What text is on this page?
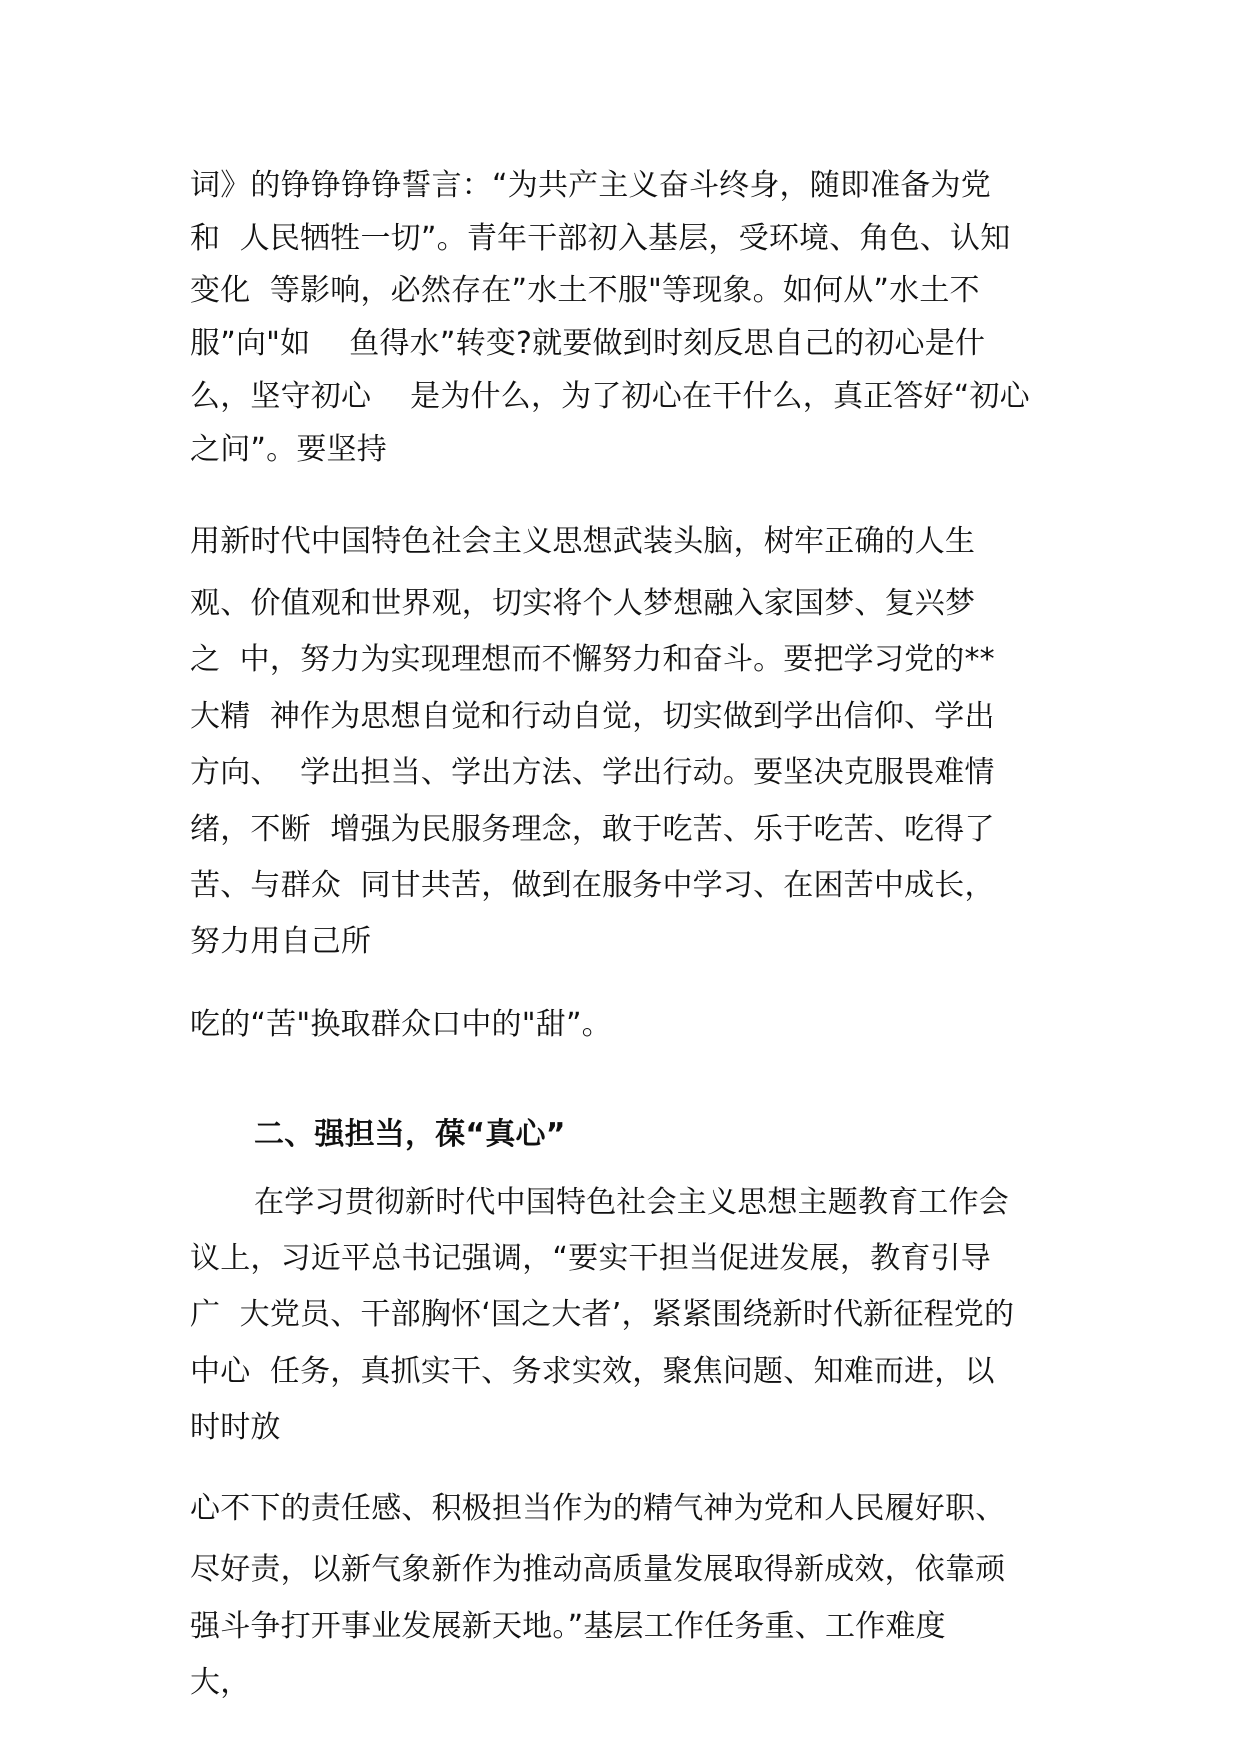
词》的铮铮铮铮誓言：“为共产主义奋斗终身，随即准备为党

和  人民牺牲一切”。青年干部初入基层，受环境、角色、认知

变化  等影响，必然存在”水土不服"等现象。如何从”水土不

服”向"如    鱼得水”转变?就要做到时刻反思自己的初心是什

么，坚守初心    是为什么，为了初心在干什么，真正答好“初心

之问”。要坚持

用新时代中国特色社会主义思想武装头脑，树牢正确的人生

观、价值观和世界观，切实将个人梦想融入家国梦、复兴梦

之  中，努力为实现理想而不懈努力和奋斗。要把学习党的**

大精  神作为思想自觉和行动自觉，切实做到学出信仰、学出

方向、  学出担当、学出方法、学出行动。要坚决克服畏难情

绪，不断  增强为民服务理念，敢于吃苦、乐于吃苦、吃得了

苦、与群众  同甘共苦，做到在服务中学习、在困苦中成长，

努力用自己所

吃的“苦"换取群众口中的"甜”。

二、强担当，葆“真心”

在学习贯彻新时代中国特色社会主义思想主题教育工作会

议上，习近平总书记强调，“要实干担当促进发展，教育引导

广  大党员、干部胸怀‘国之大者’，紧紧围绕新时代新征程党的

中心  任务，真抓实干、务求实效，聚焦问题、知难而进，以

时时放

心不下的责任感、积极担当作为的精气神为党和人民履好职、

尽好责，以新气象新作为推动高质量发展取得新成效，依靠顽

强斗争打开事业发展新天地。”基层工作任务重、工作难度

大，
